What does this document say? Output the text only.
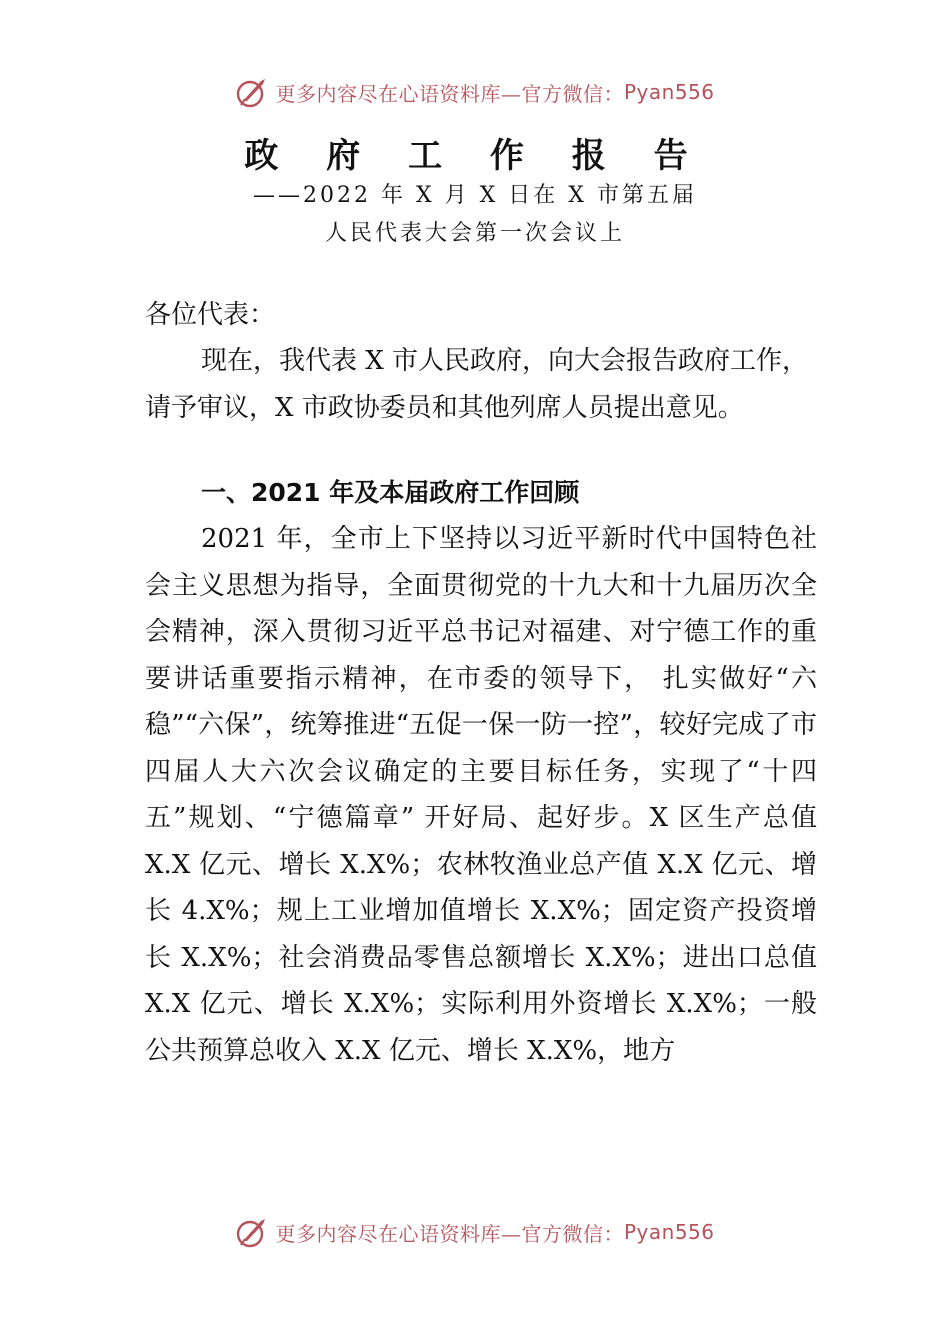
更多内容尽在心语资料库—官方微信： Pyan556
政 府 工 作 报 告
——2022 年 X 月 X 日在 X 市第五届
人民代表大会第一次会议上
各位代表：
现在，我代表 X 市人民政府，向大会报告政府工作，请予审议，X 市政协委员和其他列席人员提出意见。
一、2021 年及本届政府工作回顾
2021 年，全市上下坚持以习近平新时代中国特色社会主义思想为指导，全面贯彻党的十九大和十九届历次全会精神，深入贯彻习近平总书记对福建、对宁德工作的重要讲话重要指示精神，在市委的领导下， 扎实做好“六稳”“六保”，统筹推进“五促一保一防一控”，较好完成了市四届人大六次会议确定的主要目标任务，实现了“十四五”规划、“宁德篇章” 开好局、起好步。X 区生产总值 X.X 亿元、增长 X.X%；农林牧渔业总产值 X.X 亿元、增长 4.X%；规上工业增加值增长 X.X%；固定资产投资增长 X.X%；社会消费品零售总额增长 X.X%；进出口总值 X.X 亿元、增长 X.X%；实际利用外资增长 X.X%；一般公共预算总收入 X.X 亿元、增长 X.X%，地方
更多内容尽在心语资料库—官方微信： Pyan556
